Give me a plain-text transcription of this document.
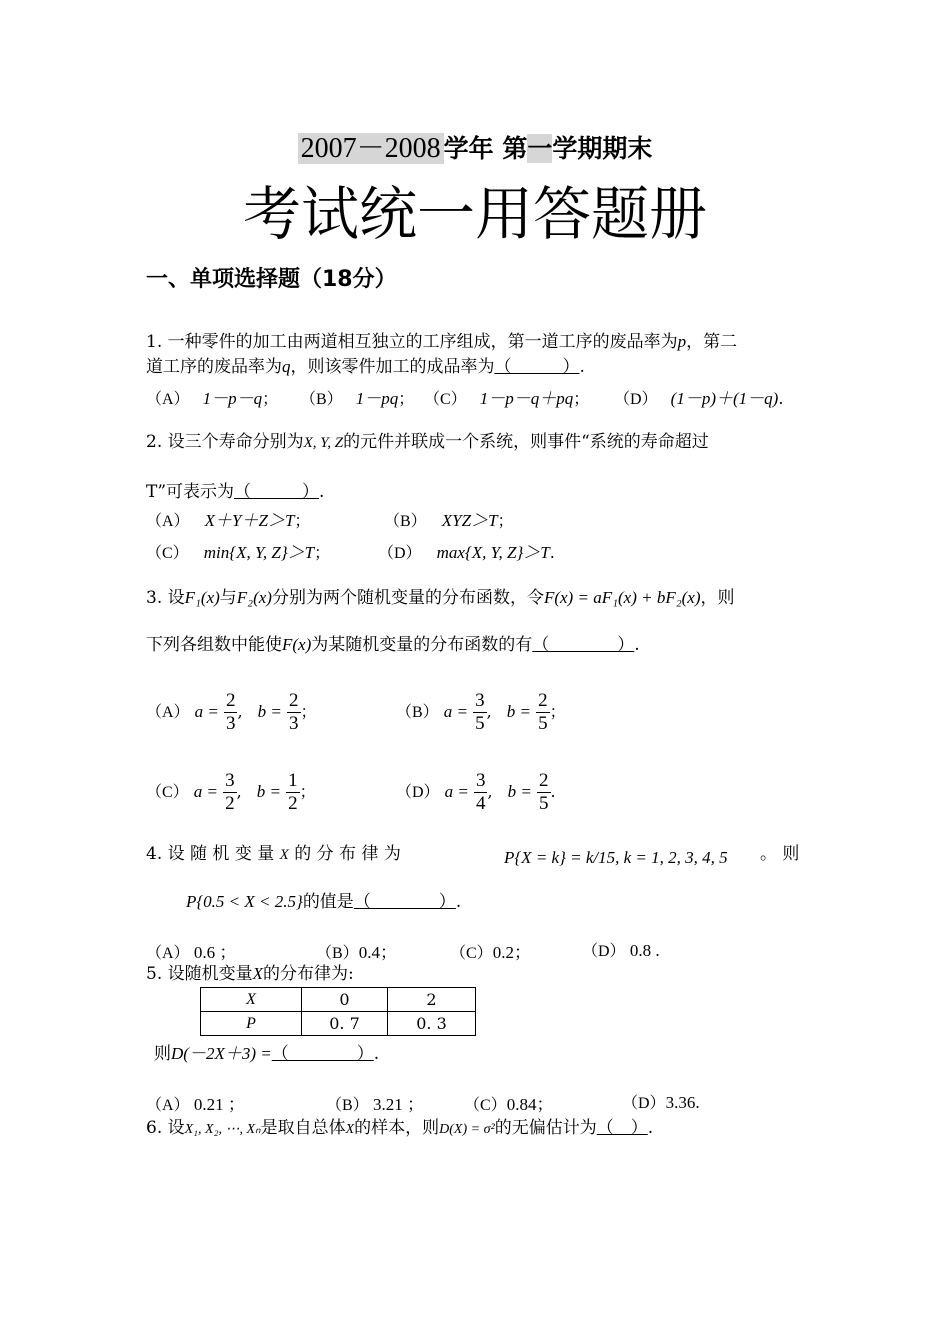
2007－2008 学年 第一学期期末
考试统一用答题册
一、单项选择题（18分）
1. 一种零件的加工由两道相互独立的工序组成，第一道工序的废品率为p，第二
道工序的废品率为q，则该零件加工的成品率为（　　　）.
（A） 1－p－q； （B） 1－pq； （C） 1－p－q＋pq； （D） (1－p)＋(1－q).
2. 设三个寿命分别为X, Y, Z的元件并联成一个系统，则事件“系统的寿命超过
T”可表示为（　　　）.
（A） X＋Y＋Z＞T；	（B） XYZ＞T；
（C） min{X, Y, Z}＞T；	（D） max{X, Y, Z}＞T.
3. 设F₁(x)与F₂(x)分别为两个随机变量的分布函数，令F(x) = aF₁(x) + bF₂(x)，则
下列各组数中能使F(x)为某随机变量的分布函数的有（　　　　）.
（A） $a = \frac{2}{3}$ , $b = \frac{2}{3}$ ；	（B） $a = \frac{3}{5}$ , $b = \frac{2}{5}$ ；
（C） $a = \frac{3}{2}$ , $b = \frac{1}{2}$ ；	（D） $a = \frac{3}{4}$ , $b = \frac{2}{5}$ .
4. 设 随 机 变 量 X 的 分 布 律 为	P{X = k} = k/15, k = 1, 2, 3, 4, 5 。 则
P{0.5 < X < 2.5}的值是（　　　　）.
（A） 0.6 ；	（B）0.4；	（C）0.2；	（D） 0.8 .
5. 设随机变量X的分布律为:
X	0	2
P	0. 7	0. 3
则D(－2X＋3) =（　　　　）.
（A） 0.21 ；	（B） 3.21 ；	（C）0.84；	（D）3.36.
6. 设X₁, X₂, ⋯, Xₙ是取自总体X的样本，则D(X) = σ²的无偏估计为（　）.
